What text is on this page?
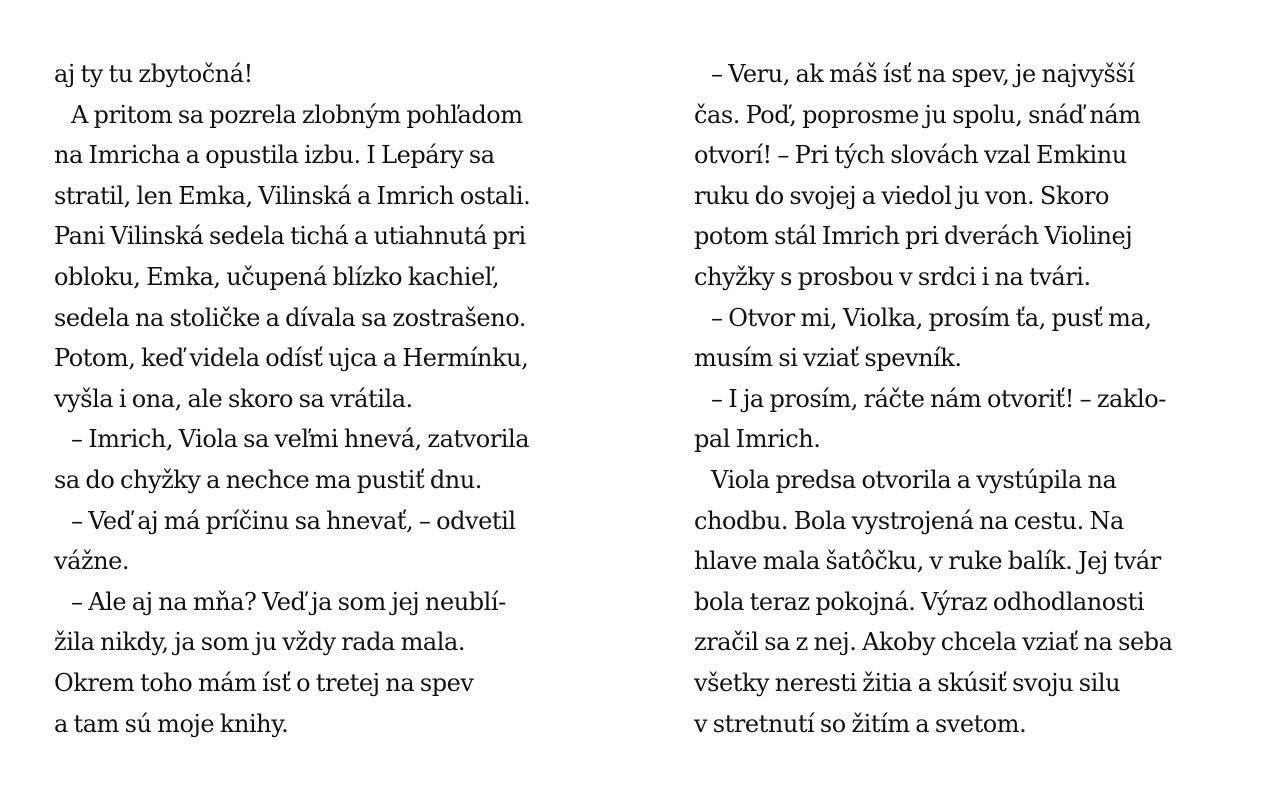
aj ty tu zbytočná!
A pritom sa pozrela zlobným pohľadom
na Imricha a opustila izbu. I Lepáry sa
stratil, len Emka, Vilinská a Imrich ostali.
Pani Vilinská sedela tichá a utiahnutá pri
obloku, Emka, učupená blízko kachieľ,
sedela na stoličke a dívala sa zostrašeno.
Potom, keď videla odísť ujca a Hermínku,
vyšla i ona, ale skoro sa vrátila.
– Imrich, Viola sa veľmi hnevá, zatvorila
sa do chyžky a nechce ma pustiť dnu.
– Veď aj má príčinu sa hnevať, – odvetil
vážne.
– Ale aj na mňa? Veď ja som jej neublí-
žila nikdy, ja som ju vždy rada mala.
Okrem toho mám ísť o tretej na spev
a tam sú moje knihy.
– Veru, ak máš ísť na spev, je najvyšší
čas. Poď, poprosme ju spolu, snáď nám
otvorí! – Pri tých slovách vzal Emkinu
ruku do svojej a viedol ju von. Skoro
potom stál Imrich pri dverách Violinej
chyžky s prosbou v srdci i na tvári.
– Otvor mi, Violka, prosím ťa, pusť ma,
musím si vziať spevník.
– I ja prosím, ráčte nám otvoriť! – zaklo-
pal Imrich.
Viola predsa otvorila a vystúpila na
chodbu. Bola vystrojená na cestu. Na
hlave mala šatôčku, v ruke balík. Jej tvár
bola teraz pokojná. Výraz odhodlanosti
zračil sa z nej. Akoby chcela vziať na seba
všetky neresti žitia a skúsiť svoju silu
v stretnutí so žitím a svetom.
